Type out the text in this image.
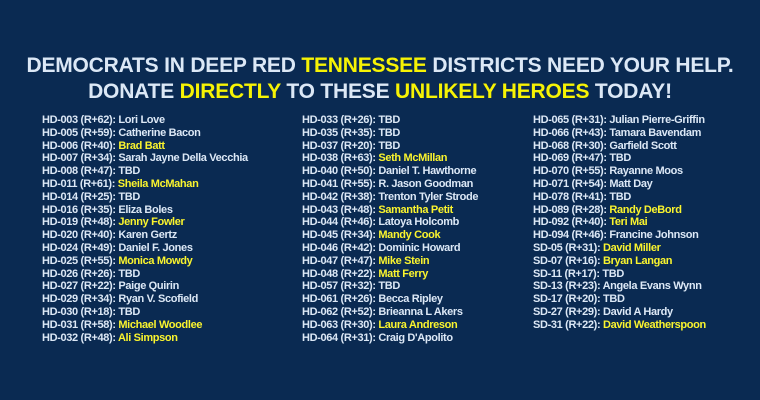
DEMOCRATS IN DEEP RED TENNESSEE DISTRICTS NEED YOUR HELP.
DONATE DIRECTLY TO THESE UNLIKELY HEROES TODAY!
HD-003 (R+62): Lori Love
HD-005 (R+59): Catherine Bacon
HD-006 (R+40): Brad Batt
HD-007 (R+34): Sarah Jayne Della Vecchia
HD-008 (R+47): TBD
HD-011 (R+61): Sheila McMahan
HD-014 (R+25): TBD
HD-016 (R+35): Eliza Boles
HD-019 (R+48): Jenny Fowler
HD-020 (R+40): Karen Gertz
HD-024 (R+49): Daniel F. Jones
HD-025 (R+55): Monica Mowdy
HD-026 (R+26): TBD
HD-027 (R+22): Paige Quirin
HD-029 (R+34): Ryan V. Scofield
HD-030 (R+18): TBD
HD-031 (R+58): Michael Woodlee
HD-032 (R+48): Ali Simpson
HD-033 (R+26): TBD
HD-035 (R+35): TBD
HD-037 (R+20): TBD
HD-038 (R+63): Seth McMillan
HD-040 (R+50): Daniel T. Hawthorne
HD-041 (R+55): R. Jason Goodman
HD-042 (R+38): Trenton Tyler Strode
HD-043 (R+48): Samantha Petit
HD-044 (R+46): Latoya Holcomb
HD-045 (R+34): Mandy Cook
HD-046 (R+42): Dominic Howard
HD-047 (R+47): Mike Stein
HD-048 (R+22): Matt Ferry
HD-057 (R+32): TBD
HD-061 (R+26): Becca Ripley
HD-062 (R+52): Brieanna L Akers
HD-063 (R+30): Laura Andreson
HD-064 (R+31): Craig D'Apolito
HD-065 (R+31): Julian Pierre-Griffin
HD-066 (R+43): Tamara Bavendam
HD-068 (R+30): Garfield Scott
HD-069 (R+47): TBD
HD-070 (R+55): Rayanne Moos
HD-071 (R+54): Matt Day
HD-078 (R+41): TBD
HD-089 (R+28): Randy DeBord
HD-092 (R+40): Teri Mai
HD-094 (R+46): Francine Johnson
SD-05 (R+31): David Miller
SD-07 (R+16): Bryan Langan
SD-11 (R+17): TBD
SD-13 (R+23): Angela Evans Wynn
SD-17 (R+20): TBD
SD-27 (R+29): David A Hardy
SD-31 (R+22): David Weatherspoon
